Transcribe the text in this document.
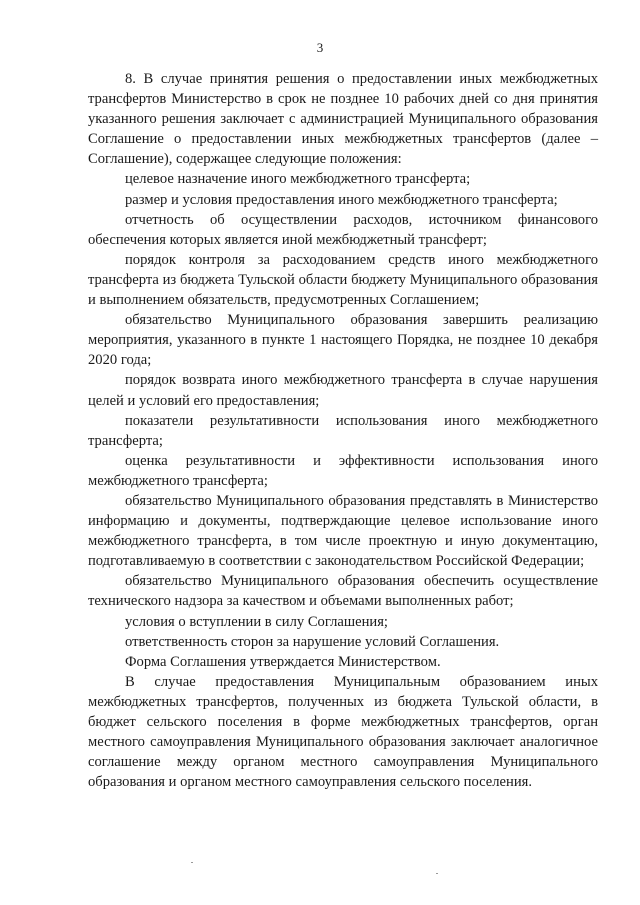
3

8. В случае принятия решения о предоставлении иных межбюджетных трансфертов Министерство в срок не позднее 10 рабочих дней со дня принятия указанного решения заключает с администрацией Муниципального образования Соглашение о предоставлении иных межбюджетных трансфертов (далее – Соглашение), содержащее следующие положения:

целевое назначение иного межбюджетного трансферта;

размер и условия предоставления иного межбюджетного трансферта;

отчетность об осуществлении расходов, источником финансового обеспечения которых является иной межбюджетный трансферт;

порядок контроля за расходованием средств иного межбюджетного трансферта из бюджета Тульской области бюджету Муниципального образования и выполнением обязательств, предусмотренных Соглашением;

обязательство Муниципального образования завершить реализацию мероприятия, указанного в пункте 1 настоящего Порядка, не позднее 10 декабря 2020 года;

порядок возврата иного межбюджетного трансферта в случае нарушения целей и условий его предоставления;

показатели результативности использования иного межбюджетного трансферта;

оценка результативности и эффективности использования иного межбюджетного трансферта;

обязательство Муниципального образования представлять в Министерство информацию и документы, подтверждающие целевое использование иного межбюджетного трансферта, в том числе проектную и иную документацию, подготавливаемую в соответствии с законодательством Российской Федерации;

обязательство Муниципального образования обеспечить осуществление технического надзора за качеством и объемами выполненных работ;

условия о вступлении в силу Соглашения;

ответственность сторон за нарушение условий Соглашения.

Форма Соглашения утверждается Министерством.

В случае предоставления Муниципальным образованием иных межбюджетных трансфертов, полученных из бюджета Тульской области, в бюджет сельского поселения в форме межбюджетных трансфертов, орган местного самоуправления Муниципального образования заключает аналогичное соглашение между органом местного самоуправления Муниципального образования и органом местного самоуправления сельского поселения.
